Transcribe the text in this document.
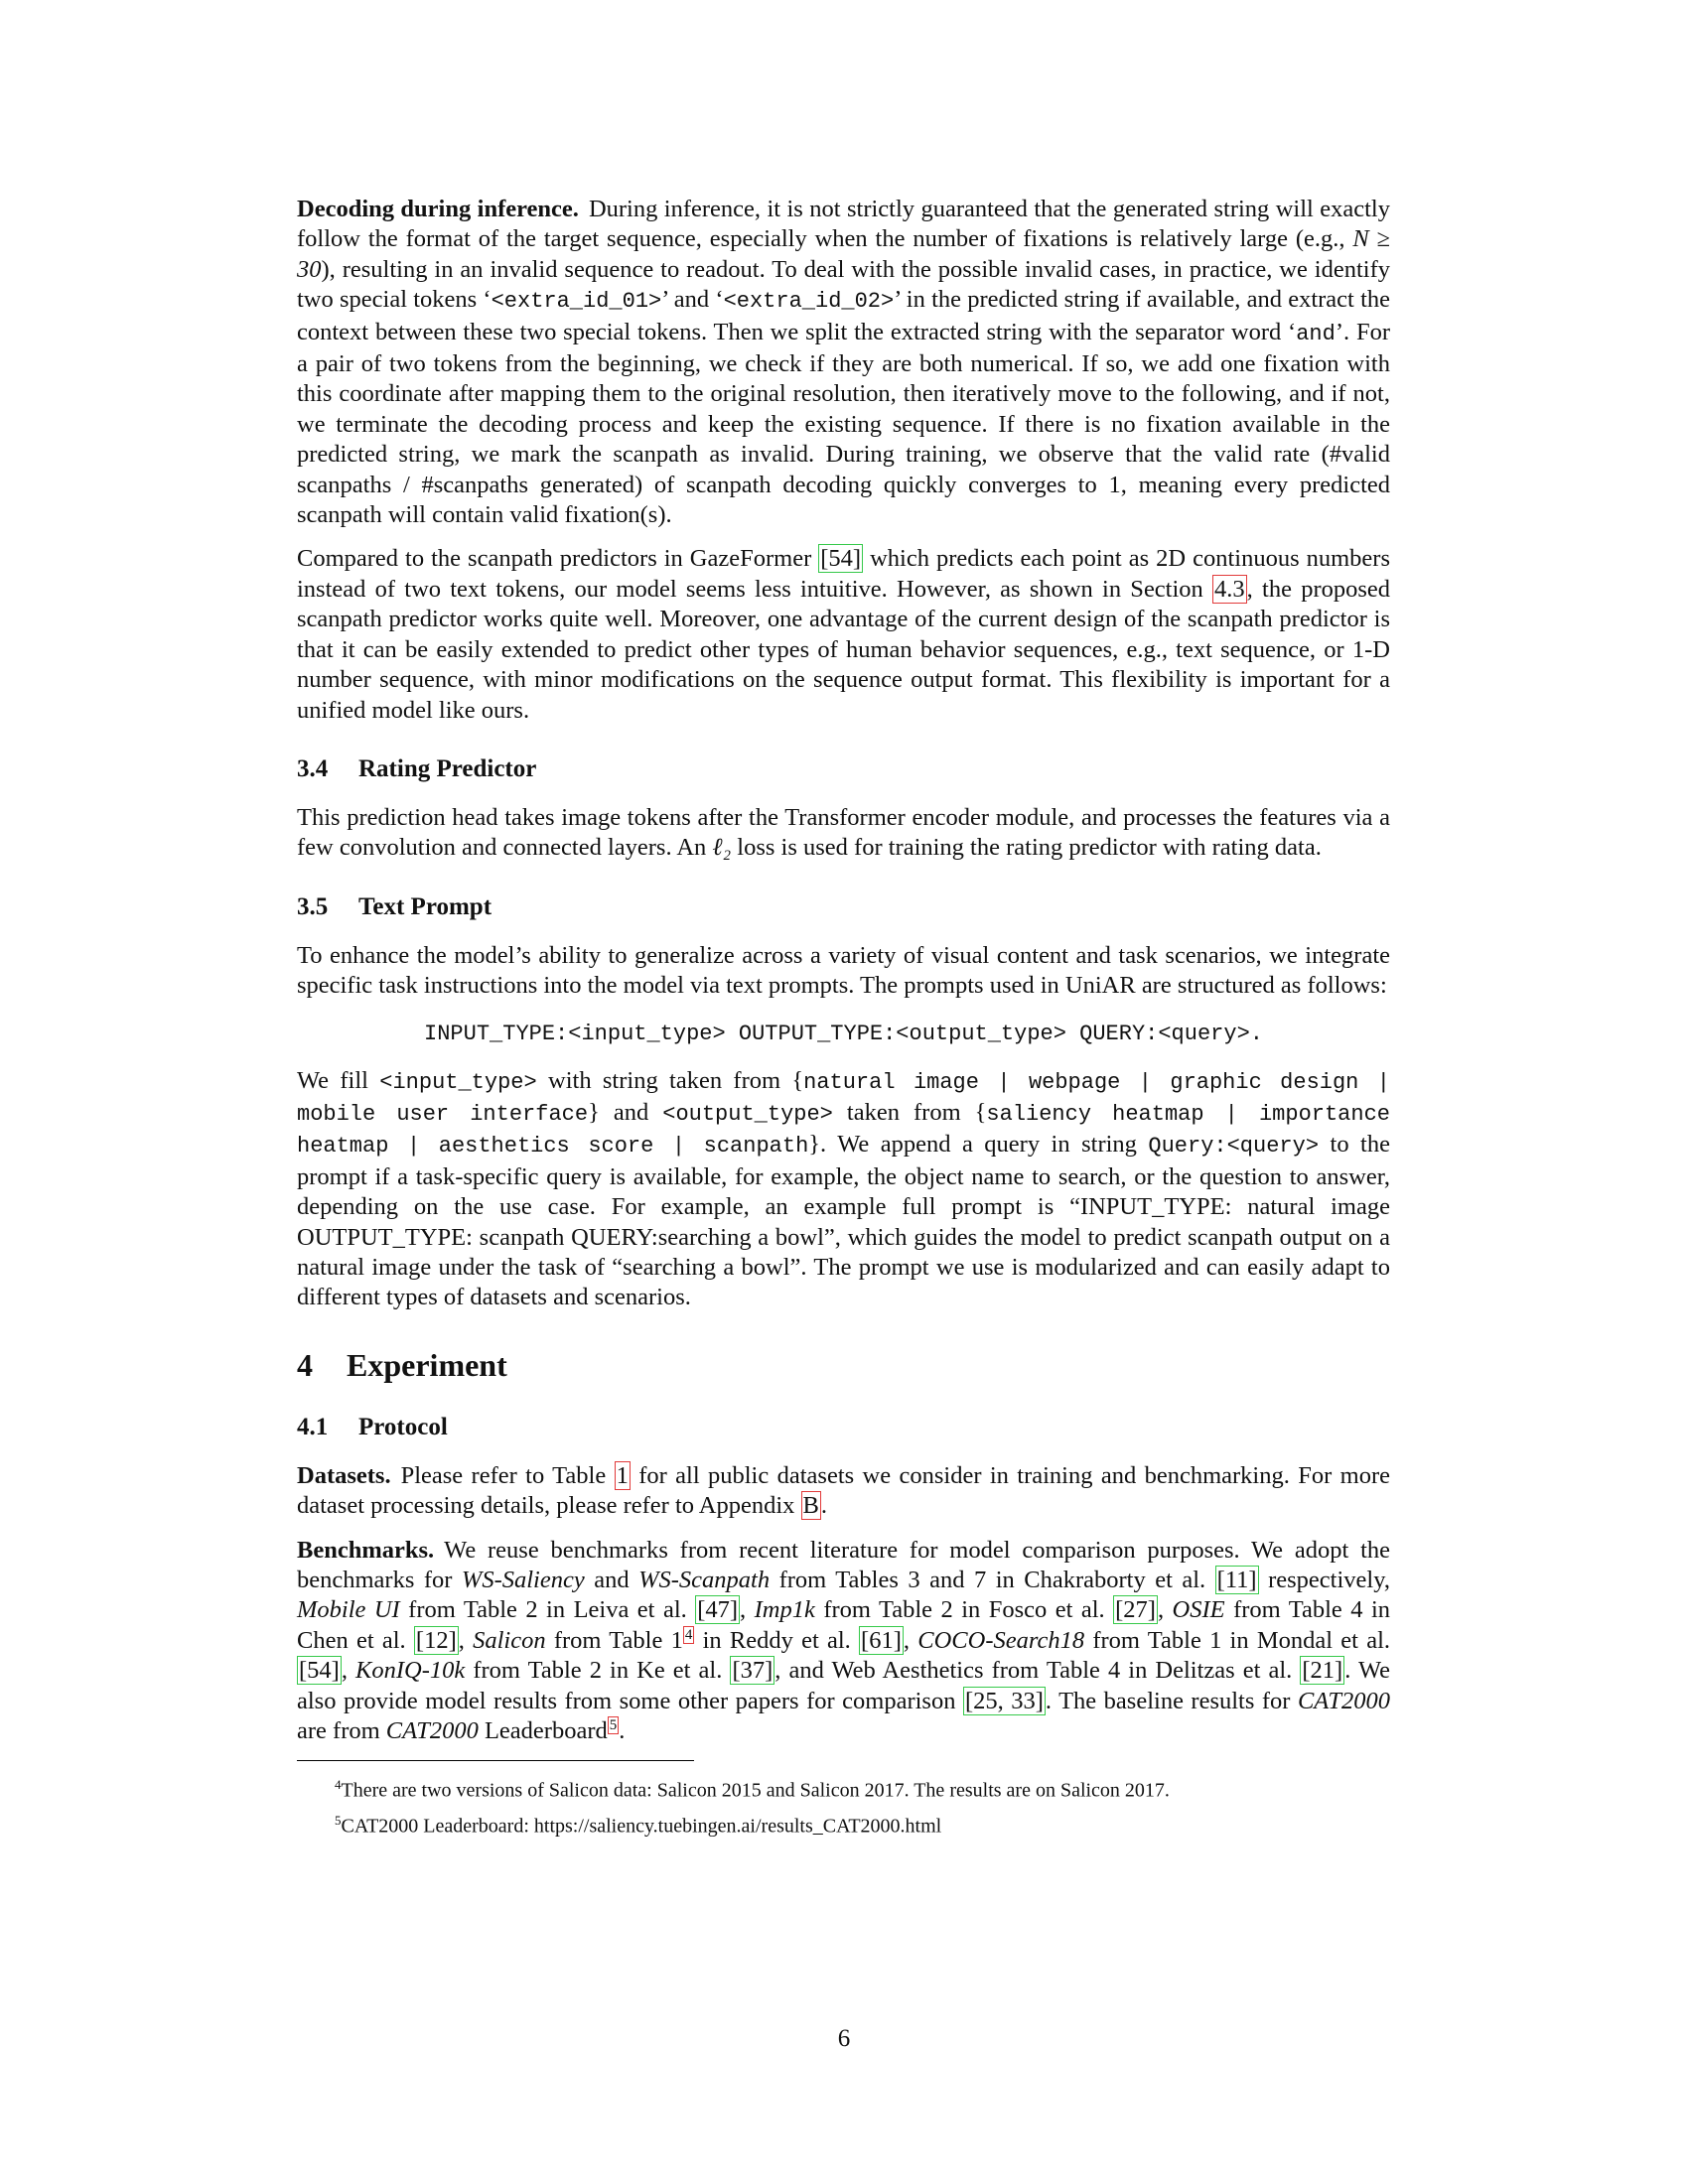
Decoding during inference. During inference, it is not strictly guaranteed that the generated string will exactly follow the format of the target sequence, especially when the number of fixations is relatively large (e.g., N ≥ 30), resulting in an invalid sequence to readout. To deal with the possible invalid cases, in practice, we identify two special tokens ‘<extra_id_01>’ and ‘<extra_id_02>’ in the predicted string if available, and extract the context between these two special tokens. Then we split the extracted string with the separator word ‘and’. For a pair of two tokens from the beginning, we check if they are both numerical. If so, we add one fixation with this coordinate after mapping them to the original resolution, then iteratively move to the following, and if not, we terminate the decoding process and keep the existing sequence. If there is no fixation available in the predicted string, we mark the scanpath as invalid. During training, we observe that the valid rate (#valid scanpaths / #scanpaths generated) of scanpath decoding quickly converges to 1, meaning every predicted scanpath will contain valid fixation(s).

Compared to the scanpath predictors in GazeFormer [54] which predicts each point as 2D continuous numbers instead of two text tokens, our model seems less intuitive. However, as shown in Section 4.3, the proposed scanpath predictor works quite well. Moreover, one advantage of the current design of the scanpath predictor is that it can be easily extended to predict other types of human behavior sequences, e.g., text sequence, or 1-D number sequence, with minor modifications on the sequence output format. This flexibility is important for a unified model like ours.

3.4 Rating Predictor

This prediction head takes image tokens after the Transformer encoder module, and processes the features via a few convolution and connected layers. An ℓ₂ loss is used for training the rating predictor with rating data.

3.5 Text Prompt

To enhance the model’s ability to generalize across a variety of visual content and task scenarios, we integrate specific task instructions into the model via text prompts. The prompts used in UniAR are structured as follows:

INPUT_TYPE:<input_type> OUTPUT_TYPE:<output_type> QUERY:<query>.

We fill <input_type> with string taken from {natural image | webpage | graphic design | mobile user interface} and <output_type> taken from {saliency heatmap | importance heatmap | aesthetics score | scanpath}. We append a query in string Query:<query> to the prompt if a task-specific query is available, for example, the object name to search, or the question to answer, depending on the use case. For example, an example full prompt is “INPUT_TYPE: natural image OUTPUT_TYPE: scanpath QUERY:searching a bowl”, which guides the model to predict scanpath output on a natural image under the task of “searching a bowl”. The prompt we use is modularized and can easily adapt to different types of datasets and scenarios.

4 Experiment
4.1 Protocol

Datasets. Please refer to Table 1 for all public datasets we consider in training and benchmarking. For more dataset processing details, please refer to Appendix B.

Benchmarks. We reuse benchmarks from recent literature for model comparison purposes. We adopt the benchmarks for WS-Saliency and WS-Scanpath from Tables 3 and 7 in Chakraborty et al. [11] respectively, Mobile UI from Table 2 in Leiva et al. [47], Imp1k from Table 2 in Fosco et al. [27], OSIE from Table 4 in Chen et al. [12], Salicon from Table 1 $^4$ in Reddy et al. [61], COCO-Search18 from Table 1 in Mondal et al. [54], KonIQ-10k from Table 2 in Ke et al. [37], and Web Aesthetics from Table 4 in Delitzas et al. [21]. We also provide model results from some other papers for comparison [25, 33]. The baseline results for CAT2000 are from CAT2000 Leaderboard $^5$.

$^4$There are two versions of Salicon data: Salicon 2015 and Salicon 2017. The results are on Salicon 2017.
$^5$CAT2000 Leaderboard: https://saliency.tuebingen.ai/results_CAT2000.html
6
